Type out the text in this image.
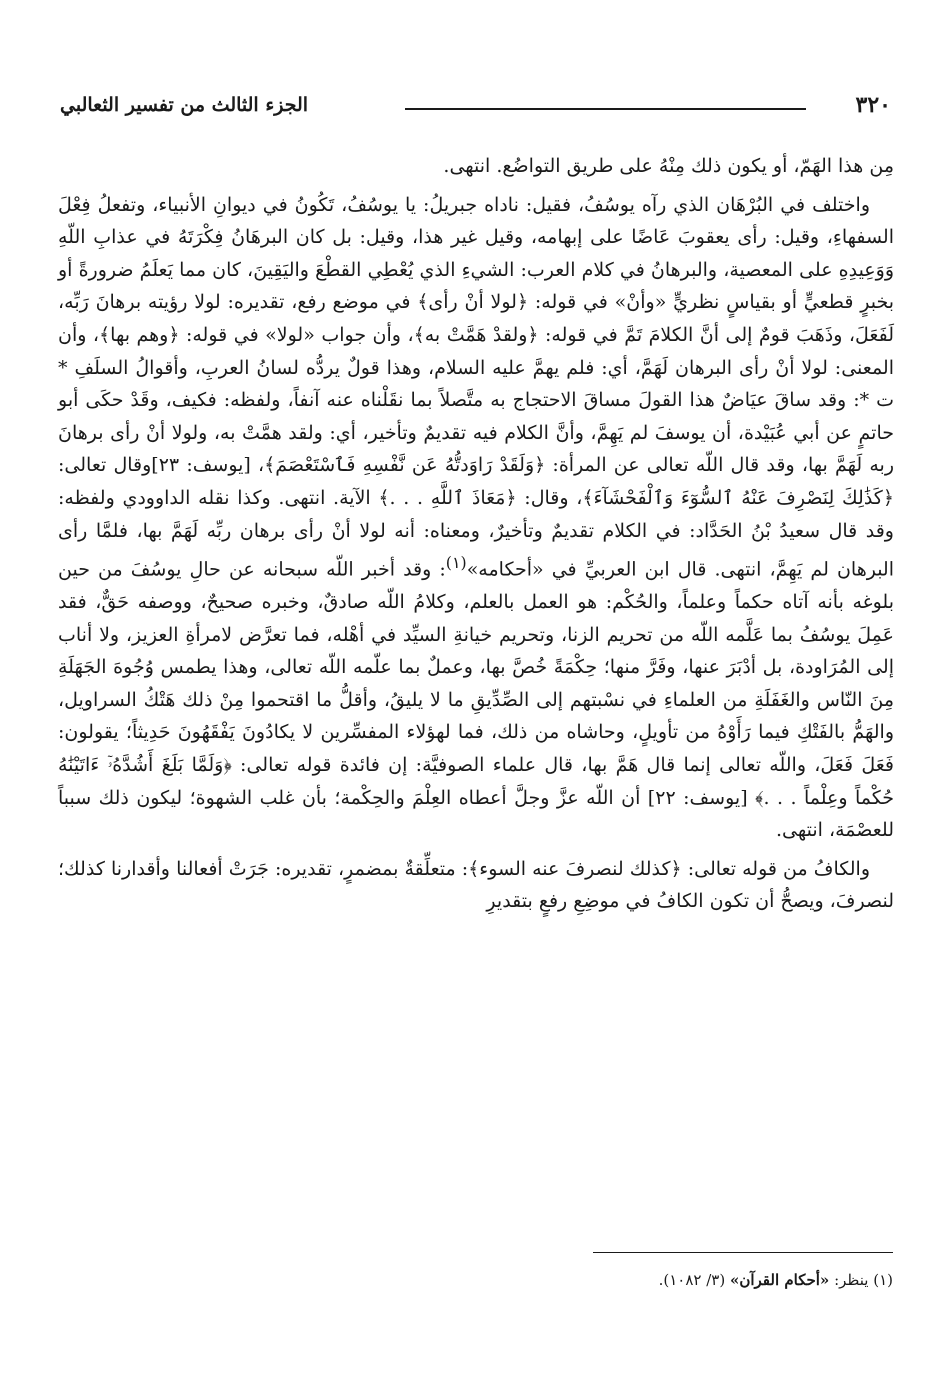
٣٢٠
الجزء الثالث من تفسير الثعالبي

مِن هذا الهَمّ، أو يكون ذلك مِنْهُ على طريق التواضُع. انتهى.

واختلف في البُرْهَان الذي رآه يوسُفُ، فقيل: ناداه جبريلُ: يا يوسُفُ، تَكُونُ في ديوانِ الأنبياء، وتفعلُ فِعْلَ السفهاءِ، وقيل: رأى يعقوبَ عَاضًا على إبهامه، وقيل غير هذا، وقيل: بل كان البرهَانُ فِكْرَتَهُ في عذابِ اللّهِ وَوَعِيدِهِ على المعصية، والبرهانُ في كلام العرب: الشيءِ الذي يُعْطِي القطْعَ واليَقِينَ، كان مما يَعلَمُ ضرورةً أو بخبرٍ قطعيٍّ أو بقياسٍ نظريٍّ «وأنْ» في قوله: ﴿لولا أنْ رأى﴾ في موضع رفع، تقديره: لولا رؤيته برهانَ رَبِّه، لَفَعَلَ، وذَهَبَ قومٌ إلى أنَّ الكلامَ تَمَّ في قوله: ﴿ولقدْ هَمَّتْ به﴾، وأن جواب «لولا» في قوله: ﴿وهم بها﴾، وأن المعنى: لولا أنْ رأى البرهان لَهَمَّ، أي: فلم يهمَّ عليه السلام، وهذا قولٌ يردُّه لسانُ العربِ، وأقوالُ السلَفِ * ت *: وقد ساقَ عيَاضٌ هذا القولَ مساقَ الاحتجاج به متَّصلاً بما نقَلْناه عنه آنفاً، ولفظه: فكيف، وقَدْ حكَى أبو حاتمٍ عن أبي عُبَيْدة، أن يوسفَ لم يَهِمَّ، وأنَّ الكلام فيه تقديمٌ وتأخير، أي: ولقد همَّتْ به، ولولا أنْ رأى برهانَ ربه لَهَمَّ بها، وقد قال اللّه تعالى عن المرأة: ﴿وَلَقَدْ رَاوَدتُّهُ عَن نَّفْسِهِ فَٱسْتَعْصَمَ﴾، [يوسف: ٢٣]وقال تعالى: ﴿كَذَٰلِكَ لِنَصْرِفَ عَنْهُ ٱلسُّوٓءَ وَٱلْفَحْشَآءَ﴾، وقال: ﴿مَعَاذَ ٱللَّهِ . . .﴾ الآية. انتهى. وكذا نقله الداوودي ولفظه: وقد قال سعيدُ بْنُ الحَدَّاد: في الكلام تقديمٌ وتأخيرٌ، ومعناه: أنه لولا أنْ رأى برهان ربِّه لَهَمَّ بها، فلمَّا رأى البرهان لم يَهِمَّ، انتهى. قال ابن العربيِّ في «أحكامه»$^{(١)}$: وقد أخبر اللّه سبحانه عن حالِ يوسُفَ من حين بلوغه بأنه آتاه حكماً وعلماً، والحُكْم: هو العمل بالعلم، وكلامُ اللّه صادقٌ، وخبره صحيحٌ، ووصفه حَقٌّ، فقد عَمِلَ يوسُفُ بما عَلَّمه اللّه من تحريم الزنا، وتحريم خيانةِ السيِّد في أهْله، فما تعرَّض لامرأةِ العزيز، ولا أناب إلى المُرَاودة، بل أدْبَرَ عنها، وفَرَّ منها؛ حِكْمَةً خُصَّ بها، وعملٌ بما علّمه اللّه تعالى، وهذا يطمس وُجُوهَ الجَهَلَةِ مِنَ النّاس والغَفَلَةِ من العلماءِ في نسْبتهم إلى الصِّدِّيقِ ما لا يليقُ، وأقلُّ ما اقتحموا مِنْ ذلك هَتْكُ السراويل، والهَمُّ بالفَتْكِ فيما رَأَوْهُ من تأويلٍ، وحاشاه من ذلك، فما لهؤلاء المفسِّرين لا يكادُونَ يَفْقَهُونَ حَدِيثاً؛ يقولون: فَعَلَ فَعَلَ، واللّه تعالى إنما قال هَمَّ بها، قال علماء الصوفيَّة: إن فائدة قوله تعالى: ﴿وَلَمَّا بَلَغَ أَشُدَّهُۥٓ ءَاتَيْنَٰهُ حُكْماً وعِلْماً . . .﴾ [يوسف: ٢٢] أن اللّه عزَّ وجلَّ أعطاه العِلْمَ والحِكْمة؛ بأن غلب الشهوة؛ ليكون ذلك سبباً للعصْمَة، انتهى.

والكافُ من قوله تعالى: ﴿كذلك لنصرفَ عنه السوء﴾: متعلِّقةٌ بمضمرٍ، تقديره: جَرَتْ أفعالنا وأقدارنا كذلك؛ لنصرفَ، ويصحُّ أن تكون الكافُ في موضِعِ رفعٍ بتقديرِ

(١) ينظر: «أحكام القرآن» (٣/ ١٠٨٢).
